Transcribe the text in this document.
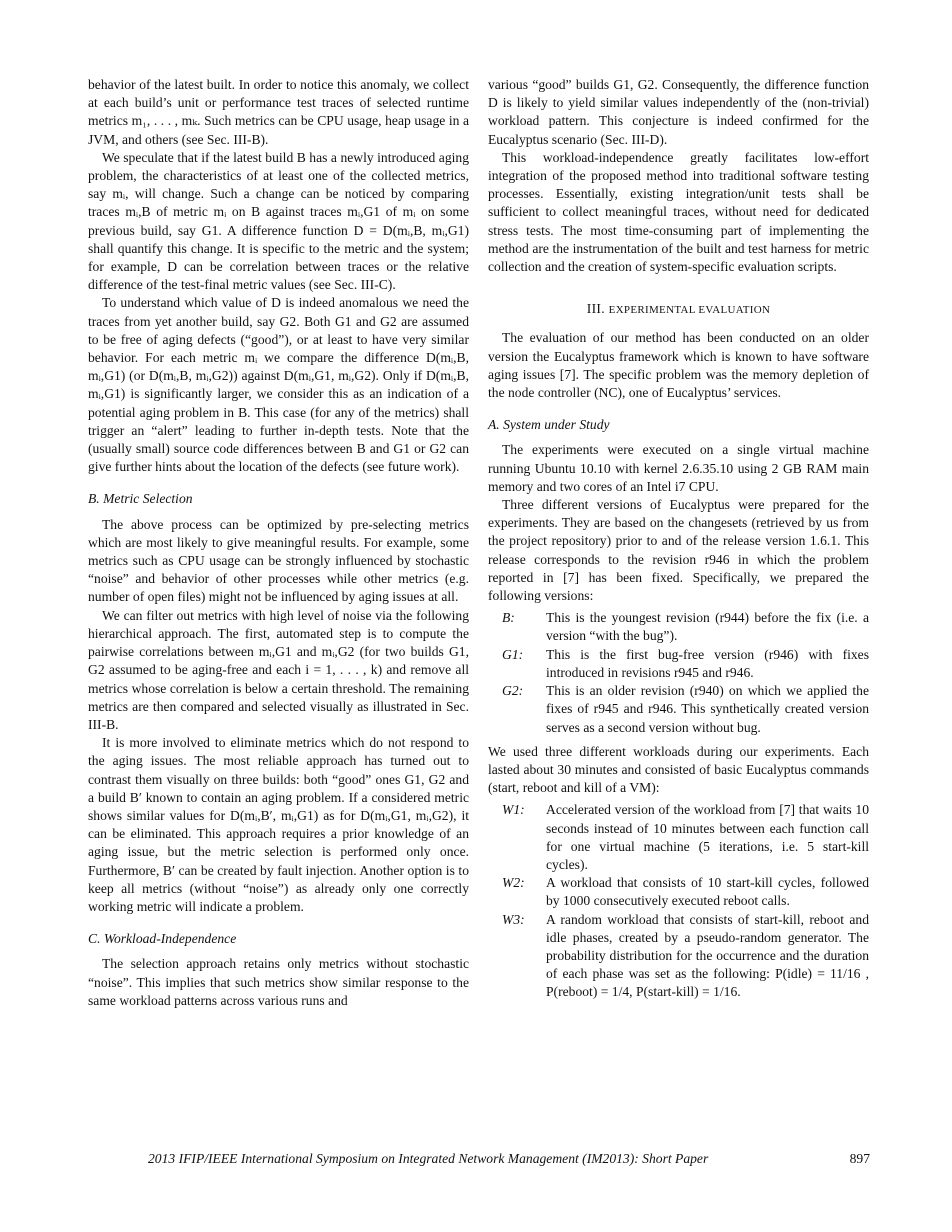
behavior of the latest built. In order to notice this anomaly, we collect at each build’s unit or performance test traces of selected runtime metrics m₁, . . . , mₖ. Such metrics can be CPU usage, heap usage in a JVM, and others (see Sec. III-B).

We speculate that if the latest build B has a newly introduced aging problem, the characteristics of at least one of the collected metrics, say mᵢ, will change. Such a change can be noticed by comparing traces mᵢ,B of metric mᵢ on B against traces mᵢ,G1 of mᵢ on some previous build, say G1. A difference function D = D(mᵢ,B, mᵢ,G1) shall quantify this change. It is specific to the metric and the system; for example, D can be correlation between traces or the relative difference of the test-final metric values (see Sec. III-C).

To understand which value of D is indeed anomalous we need the traces from yet another build, say G2. Both G1 and G2 are assumed to be free of aging defects (“good”), or at least to have very similar behavior. For each metric mᵢ we compare the difference D(mᵢ,B, mᵢ,G1) (or D(mᵢ,B, mᵢ,G2)) against D(mᵢ,G1, mᵢ,G2). Only if D(mᵢ,B, mᵢ,G1) is significantly larger, we consider this as an indication of a potential aging problem in B. This case (for any of the metrics) shall trigger an “alert” leading to further in-depth tests. Note that the (usually small) source code differences between B and G1 or G2 can give further hints about the location of the defects (see future work).

B. Metric Selection

The above process can be optimized by pre-selecting metrics which are most likely to give meaningful results. For example, some metrics such as CPU usage can be strongly influenced by stochastic “noise” and behavior of other processes while other metrics (e.g. number of open files) might not be influenced by aging issues at all.

We can filter out metrics with high level of noise via the following hierarchical approach. The first, automated step is to compute the pairwise correlations between mᵢ,G1 and mᵢ,G2 (for two builds G1, G2 assumed to be aging-free and each i = 1, . . . , k) and remove all metrics whose correlation is below a certain threshold. The remaining metrics are then compared and selected visually as illustrated in Sec. III-B.

It is more involved to eliminate metrics which do not respond to the aging issues. The most reliable approach has turned out to contrast them visually on three builds: both “good” ones G1, G2 and a build B′ known to contain an aging problem. If a considered metric shows similar values for D(mᵢ,B′, mᵢ,G1) as for D(mᵢ,G1, mᵢ,G2), it can be eliminated. This approach requires a prior knowledge of an aging issue, but the metric selection is performed only once. Furthermore, B′ can be created by fault injection. Another option is to keep all metrics (without “noise”) as already only one correctly working metric will indicate a problem.

C. Workload-Independence

The selection approach retains only metrics without stochastic “noise”. This implies that such metrics show similar response to the same workload patterns across various runs and

various “good” builds G1, G2. Consequently, the difference function D is likely to yield similar values independently of the (non-trivial) workload pattern. This conjecture is indeed confirmed for the Eucalyptus scenario (Sec. III-D).

This workload-independence greatly facilitates low-effort integration of the proposed method into traditional software testing processes. Essentially, existing integration/unit tests shall be sufficient to collect meaningful traces, without need for dedicated stress tests. The most time-consuming part of implementing the method are the instrumentation of the built and test harness for metric collection and the creation of system-specific evaluation scripts.

III. EXPERIMENTAL EVALUATION

The evaluation of our method has been conducted on an older version the Eucalyptus framework which is known to have software aging issues [7]. The specific problem was the memory depletion of the node controller (NC), one of Eucalyptus’ services.

A. System under Study

The experiments were executed on a single virtual machine running Ubuntu 10.10 with kernel 2.6.35.10 using 2 GB RAM main memory and two cores of an Intel i7 CPU.

Three different versions of Eucalyptus were prepared for the experiments. They are based on the changesets (retrieved by us from the project repository) prior to and of the release version 1.6.1. This release corresponds to the revision r946 in which the problem reported in [7] has been fixed. Specifically, we prepared the following versions:

B: This is the youngest revision (r944) before the fix (i.e. a version “with the bug”).
G1: This is the first bug-free version (r946) with fixes introduced in revisions r945 and r946.
G2: This is an older revision (r940) on which we applied the fixes of r945 and r946. This synthetically created version serves as a second version without bug.

We used three different workloads during our experiments. Each lasted about 30 minutes and consisted of basic Eucalyptus commands (start, reboot and kill of a VM):

W1: Accelerated version of the workload from [7] that waits 10 seconds instead of 10 minutes between each function call for one virtual machine (5 iterations, i.e. 5 start-kill cycles).
W2: A workload that consists of 10 start-kill cycles, followed by 1000 consecutively executed reboot calls.
W3: A random workload that consists of start-kill, reboot and idle phases, created by a pseudo-random generator. The probability distribution for the occurrence and the duration of each phase was set as the following: P(idle) = 11/16 , P(reboot) = 1/4, P(start-kill) = 1/16.
2013 IFIP/IEEE International Symposium on Integrated Network Management (IM2013): Short Paper	897
